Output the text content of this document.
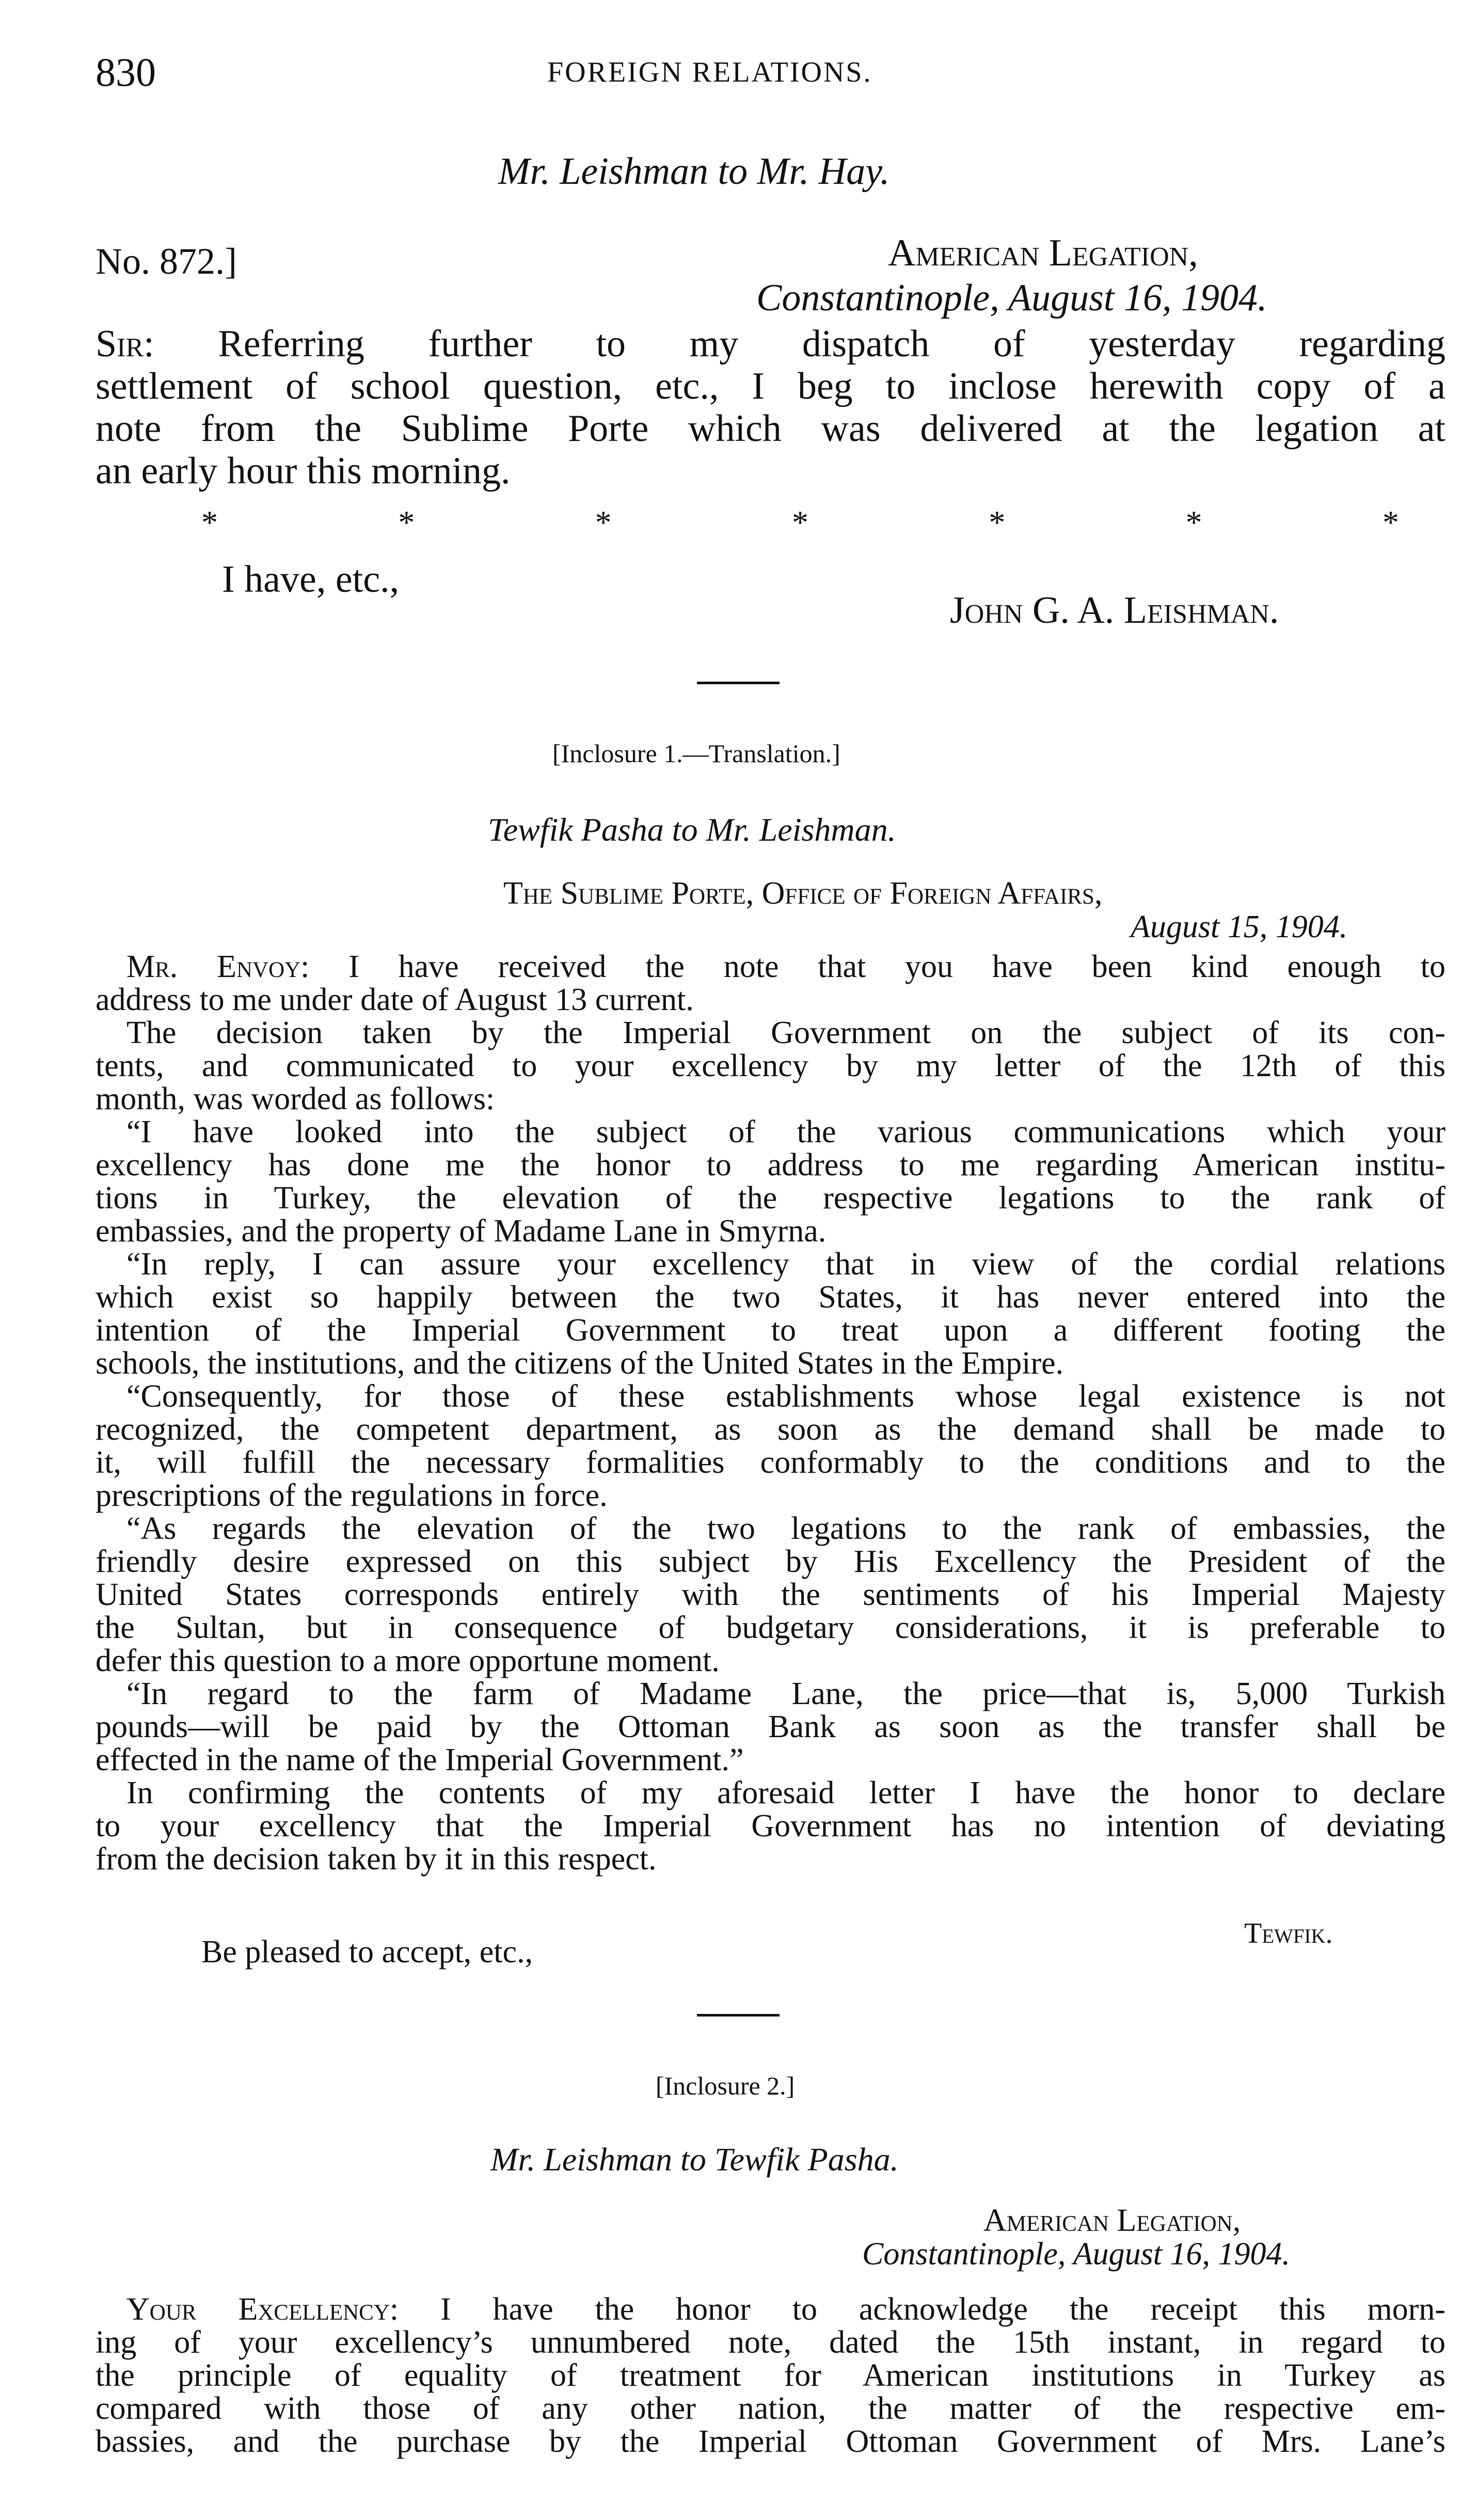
830	FOREIGN RELATIONS.
Mr. Leishman to Mr. Hay.
No. 872.]	American Legation,
Constantinople, August 16, 1904.
Sir: Referring further to my dispatch of yesterday regarding
settlement of school question, etc., I beg to inclose herewith copy of a
note from the Sublime Porte which was delivered at the legation at
an early hour this morning.
*	*	*	*	*	*	*
I have, etc.,
John G. A. Leishman.
[Inclosure 1.—Translation.]
Tewfik Pasha to Mr. Leishman.
The Sublime Porte, Office of Foreign Affairs,
August 15, 1904.
Mr. Envoy: I have received the note that you have been kind enough to
address to me under date of August 13 current.
The decision taken by the Imperial Government on the subject of its con-
tents, and communicated to your excellency by my letter of the 12th of this
month, was worded as follows:
“I have looked into the subject of the various communications which your
excellency has done me the honor to address to me regarding American institu-
tions in Turkey, the elevation of the respective legations to the rank of
embassies, and the property of Madame Lane in Smyrna.
“In reply, I can assure your excellency that in view of the cordial relations
which exist so happily between the two States, it has never entered into the
intention of the Imperial Government to treat upon a different footing the
schools, the institutions, and the citizens of the United States in the Empire.
“Consequently, for those of these establishments whose legal existence is not
recognized, the competent department, as soon as the demand shall be made to
it, will fulfill the necessary formalities conformably to the conditions and to the
prescriptions of the regulations in force.
“As regards the elevation of the two legations to the rank of embassies, the
friendly desire expressed on this subject by His Excellency the President of the
United States corresponds entirely with the sentiments of his Imperial Majesty
the Sultan, but in consequence of budgetary considerations, it is preferable to
defer this question to a more opportune moment.
“In regard to the farm of Madame Lane, the price—that is, 5,000 Turkish
pounds—will be paid by the Ottoman Bank as soon as the transfer shall be
effected in the name of the Imperial Government.”
In confirming the contents of my aforesaid letter I have the honor to declare
to your excellency that the Imperial Government has no intention of deviating
from the decision taken by it in this respect.
Be pleased to accept, etc.,
Tewfik.
[Inclosure 2.]
Mr. Leishman to Tewfik Pasha.
American Legation,
Constantinople, August 16, 1904.
Your Excellency: I have the honor to acknowledge the receipt this morn-
ing of your excellency’s unnumbered note, dated the 15th instant, in regard to
the principle of equality of treatment for American institutions in Turkey as
compared with those of any other nation, the matter of the respective em-
bassies, and the purchase by the Imperial Ottoman Government of Mrs. Lane’s
